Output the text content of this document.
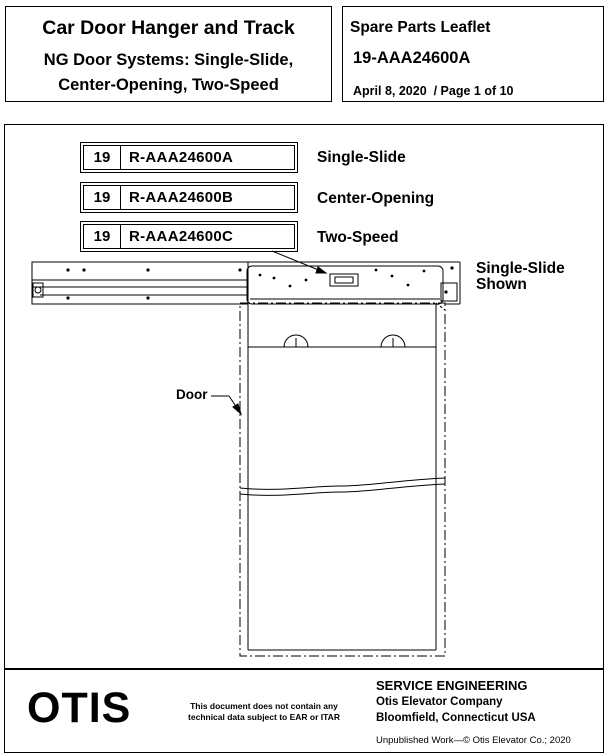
Car Door Hanger and Track
NG Door Systems: Single-Slide,
Center-Opening, Two-Speed
Spare Parts Leaflet
19-AAA24600A
April 8, 2020  / Page 1 of 10
19	R-AAA24600A	Single-Slide
19	R-AAA24600B	Center-Opening
19	R-AAA24600C	Two-Speed
Single-Slide
Shown
Door
OTIS	This document does not contain any
technical data subject to EAR or ITAR
SERVICE ENGINEERING
Otis Elevator Company
Bloomfield, Connecticut USA
Unpublished Work—© Otis Elevator Co.; 2020
